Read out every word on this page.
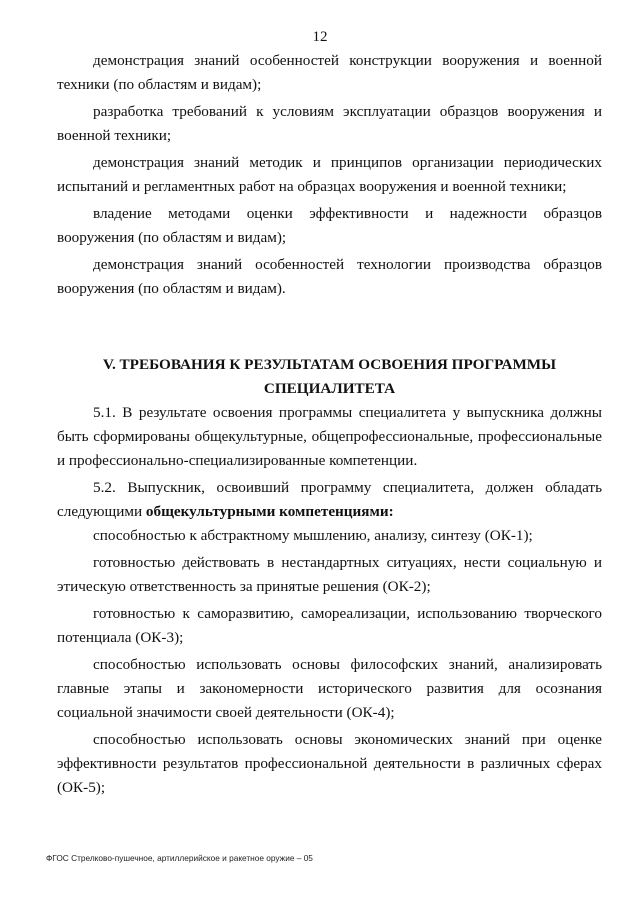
12

демонстрация знаний особенностей конструкции вооружения и военной техники (по областям и видам);

разработка требований к условиям эксплуатации образцов вооружения и военной техники;

демонстрация знаний методик и принципов организации периодических испытаний и регламентных работ на образцах вооружения и военной техники;

владение методами оценки эффективности и надежности образцов вооружения (по областям и видам);

демонстрация знаний особенностей технологии производства образцов вооружения (по областям и видам).

V. ТРЕБОВАНИЯ К РЕЗУЛЬТАТАМ ОСВОЕНИЯ ПРОГРАММЫ
СПЕЦИАЛИТЕТА

5.1. В результате освоения программы специалитета у выпускника должны быть сформированы общекультурные, общепрофессиональные, профессиональные и профессионально-специализированные компетенции.

5.2. Выпускник, освоивший программу специалитета, должен обладать следующими общекультурными компетенциями:

способностью к абстрактному мышлению, анализу, синтезу (ОК-1);

готовностью действовать в нестандартных ситуациях, нести социальную и этическую ответственность за принятые решения (ОК-2);

готовностью к саморазвитию, самореализации, использованию творческого потенциала (ОК-3);

способностью использовать основы философских знаний, анализировать главные этапы и закономерности исторического развития для осознания социальной значимости своей деятельности (ОК-4);

способностью использовать основы экономических знаний при оценке эффективности результатов профессиональной деятельности в различных сферах (ОК-5);

ФГОС Стрелково-пушечное, артиллерийское и ракетное оружие – 05
